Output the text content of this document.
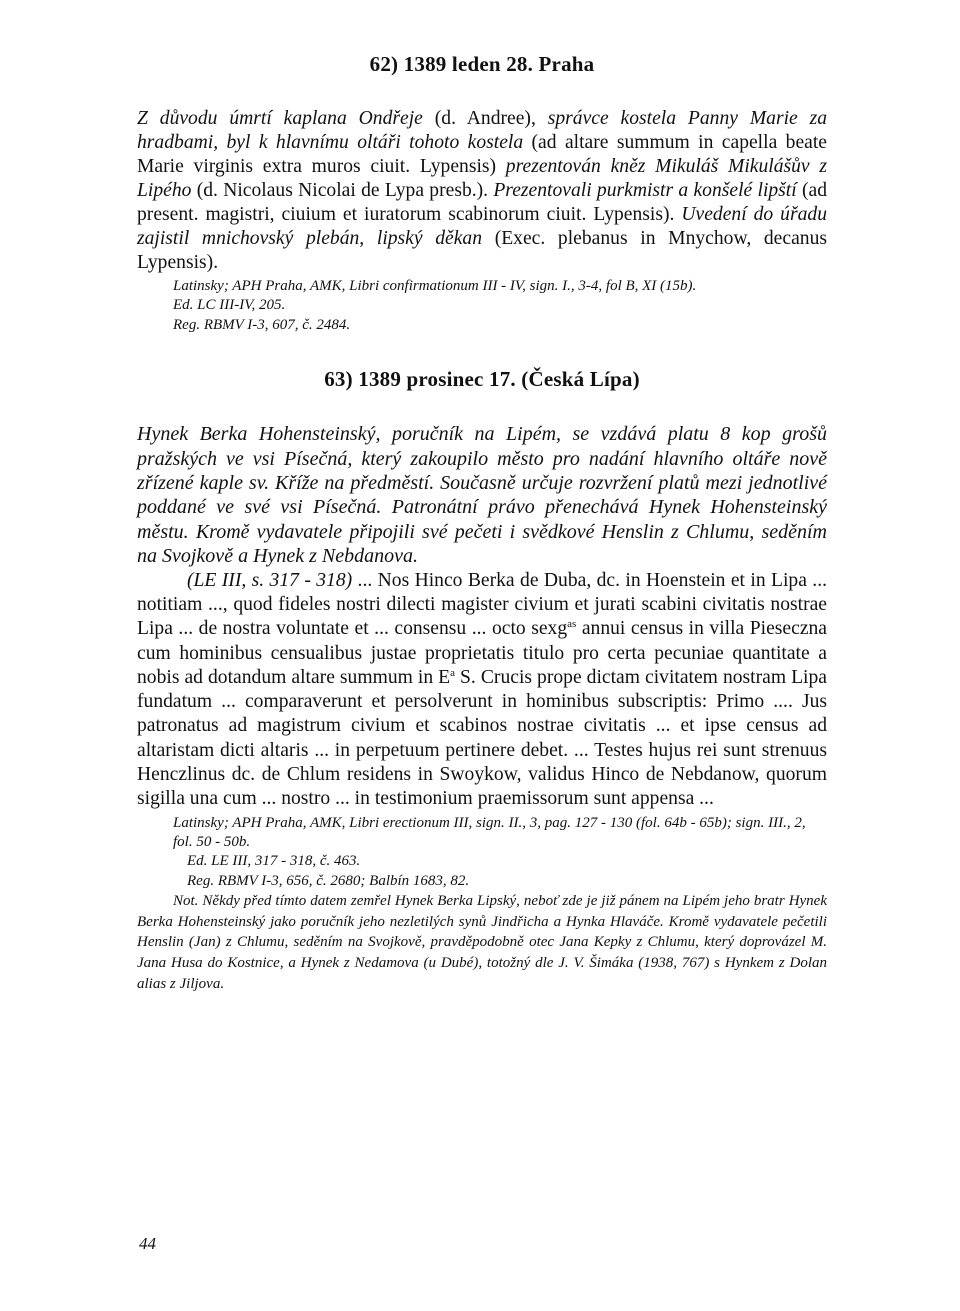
62) 1389 leden 28. Praha

Z důvodu úmrtí kaplana Ondřeje (d. Andree), správce kostela Panny Marie za hradbami, byl k hlavnímu oltáři tohoto kostela (ad altare summum in capella beate Marie virginis extra muros ciuit. Lypensis) prezentován kněz Mikuláš Mikulášův z Lipého (d. Nicolaus Nicolai de Lypa presb.). Prezentovali purkmistr a konšelé lipští (ad present. magistri, ciuium et iuratorum scabinorum ciuit. Lypensis). Uvedení do úřadu zajistil mnichovský plebán, lipský děkan (Exec. plebanus in Mnychow, decanus Lypensis).

Latinsky; APH Praha, AMK, Libri confirmationum III - IV, sign. I., 3-4, fol B, XI (15b).

Ed. LC III-IV, 205.

Reg. RBMV I-3, 607, č. 2484.

63) 1389 prosinec 17. (Česká Lípa)

Hynek Berka Hohensteinský, poručník na Lipém, se vzdává platu 8 kop grošů pražských ve vsi Písečná, který zakoupilo město pro nadání hlavního oltáře nově zřízené kaple sv. Kříže na předměstí. Současně určuje rozvržení platů mezi jednotlivé poddané ve své vsi Písečná. Patronátní právo přenechává Hynek Hohensteinský městu. Kromě vydavatele připojili své pečeti i svědkové Henslin z Chlumu, seděním na Svojkově a Hynek z Nebdanova.

(LE III, s. 317 - 318) ... Nos Hinco Berka de Duba, dc. in Hoenstein et in Lipa ... notitiam ..., quod fideles nostri dilecti magister civium et jurati scabini civitatis nostrae Lipa ... de nostra voluntate et ... consensu ... octo sexg$^{as}$ annui census in villa Pieseczna cum hominibus censualibus justae proprietatis titulo pro certa pecuniae quantitate a nobis ad dotandum altare summum in $E^a$ S. Crucis prope dictam civitatem nostram Lipa fundatum ... comparaverunt et persolverunt in hominibus subscriptis: Primo .... Jus patronatus ad magistrum civium et scabinos nostrae civitatis ... et ipse census ad altaristam dicti altaris ... in perpetuum pertinere debet. ... Testes hujus rei sunt strenuus Henczlinus dc. de Chlum residens in Swoykow, validus Hinco de Nebdanow, quorum sigilla una cum ... nostro ... in testimonium praemissorum sunt appensa ...

Latinsky; APH Praha, AMK, Libri erectionum III, sign. II., 3, pag. 127 - 130 (fol. 64b - 65b); sign. III., 2, fol. 50 - 50b.

Ed. LE III, 317 - 318, č. 463.

Reg. RBMV I-3, 656, č. 2680; Balbín 1683, 82.

Not. Někdy před tímto datem zemřel Hynek Berka Lipský, neboť zde je již pánem na Lipém jeho bratr Hynek Berka Hohensteinský jako poručník jeho nezletilých synů Jindřicha a Hynka Hlaváče. Kromě vydavatele pečetili Henslin (Jan) z Chlumu, seděním na Svojkově, pravděpodobně otec Jana Kepky z Chlumu, který doprovázel M. Jana Husa do Kostnice, a Hynek z Nedamova (u Dubé), totožný dle J. V. Šimáka (1938, 767) s Hynkem z Dolan alias z Jiljova.

44
